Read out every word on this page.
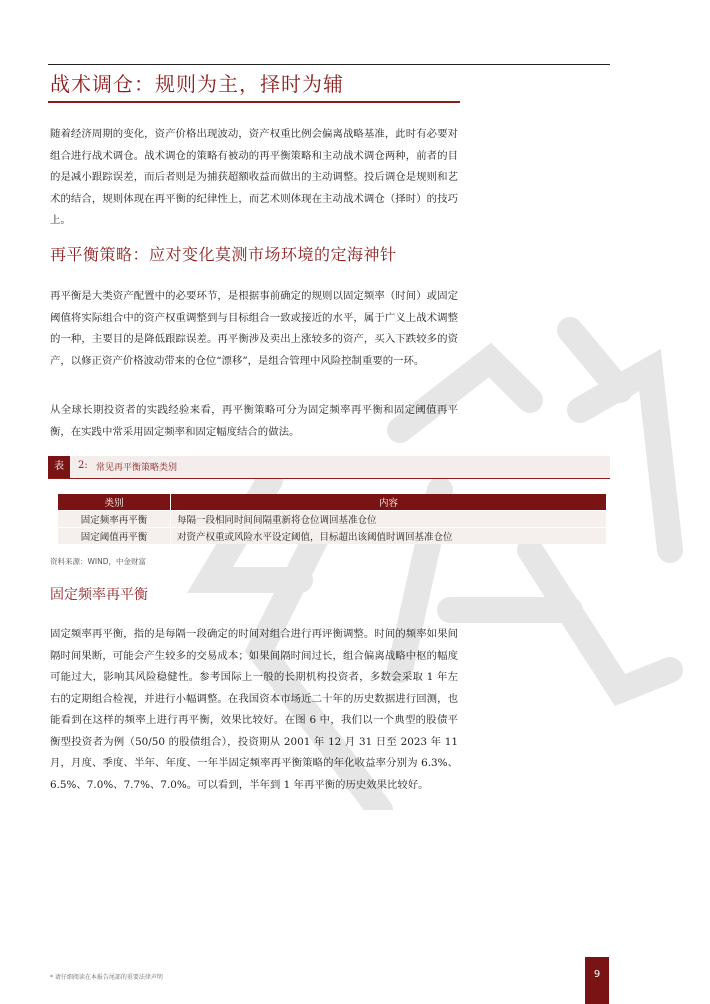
战术调仓：规则为主，择时为辅
随着经济周期的变化，资产价格出现波动，资产权重比例会偏离战略基准，此时有必要对组合进行战术调仓。战术调仓的策略有被动的再平衡策略和主动战术调仓两种，前者的目的是减小跟踪误差，而后者则是为捕获超额收益而做出的主动调整。投后调仓是规则和艺术的结合，规则体现在再平衡的纪律性上，而艺术则体现在主动战术调仓（择时）的技巧上。
再平衡策略：应对变化莫测市场环境的定海神针
再平衡是大类资产配置中的必要环节，是根据事前确定的规则以固定频率（时间）或固定阈值将实际组合中的资产权重调整到与目标组合一致或接近的水平，属于广义上战术调整的一种，主要目的是降低跟踪误差。再平衡涉及卖出上涨较多的资产，买入下跌较多的资产，以修正资产价格波动带来的仓位“漂移”，是组合管理中风险控制重要的一环。
从全球长期投资者的实践经验来看，再平衡策略可分为固定频率再平衡和固定阈值再平衡，在实践中常采用固定频率和固定幅度结合的做法。
表	2: 常见再平衡策略类别
类别	内容
固定频率再平衡	每隔一段相同时间间隔重新将仓位调回基准仓位
固定阈值再平衡	对资产权重或风险水平设定阈值，目标超出该阈值时调回基准仓位
资料来源：WIND，中金财富
固定频率再平衡
固定频率再平衡，指的是每隔一段确定的时间对组合进行再评衡调整。时间的频率如果间隔时间果断，可能会产生较多的交易成本；如果间隔时间过长，组合偏离战略中枢的幅度可能过大，影响其风险稳健性。参考国际上一般的长期机构投资者，多数会采取 1 年左右的定期组合检视，并进行小幅调整。在我国资本市场近二十年的历史数据进行回测，也能看到在这样的频率上进行再平衡，效果比较好。在图 6 中，我们以一个典型的股债平衡型投资者为例（50/50 的股债组合），投资期从 2001 年 12 月 31 日至 2023 年 11 月，月度、季度、半年、年度、一年半固定频率再平衡策略的年化收益率分别为 6.3%、6.5%、7.0%、7.7%、7.0%。可以看到，半年到 1 年再平衡的历史效果比较好。
* 请仔细阅读在本报告尾部的重要法律声明	9
